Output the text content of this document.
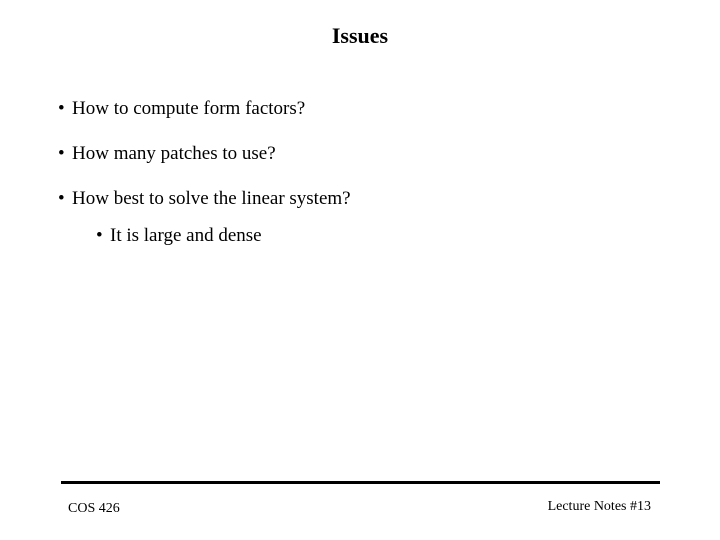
Issues
• How to compute form factors?
• How many patches to use?
• How best to solve the linear system?
• It is large and dense
COS 426	Lecture Notes #13
